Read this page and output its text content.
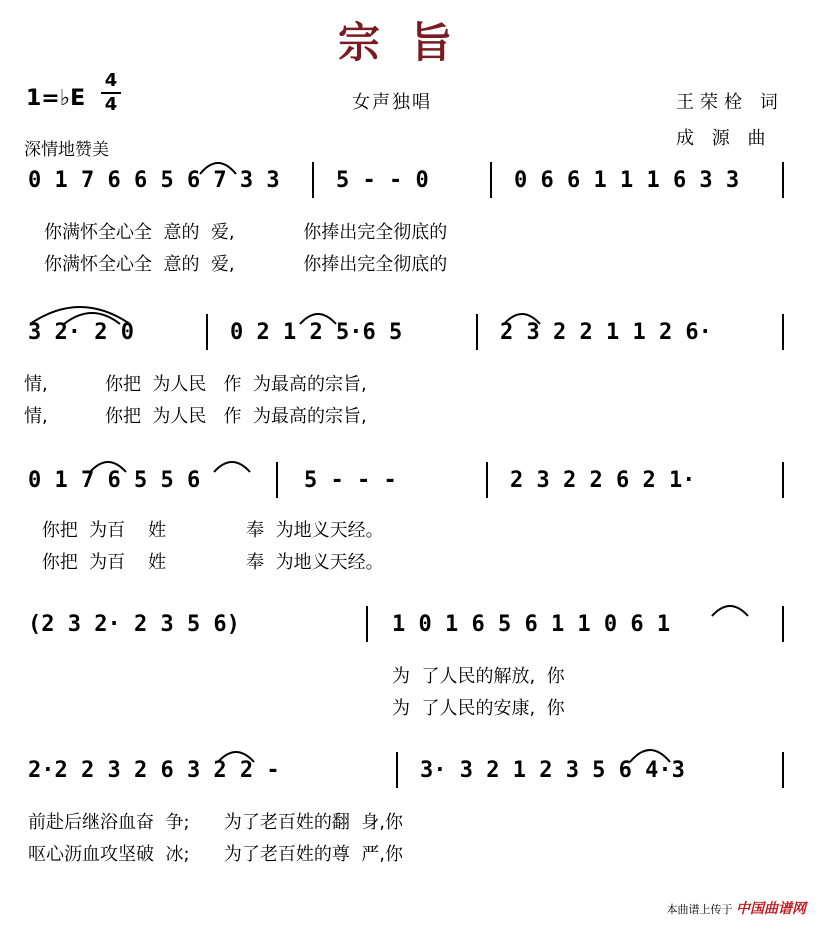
宗旨
女声独唱
1=♭E
4
4
深情地赞美
王荣栓 词
成 源 曲
0 1 7 6 6 5 6 7 3 3	5 - - 0	0 6 6 1 1 1 6 3 3
你满怀全心全  意的  爱,            你捧出完全彻底的
你满怀全心全  意的  爱,            你捧出完全彻底的
3 2· 2 0	0 2 1 2 5·6 5	2 3 2 2 1 1 2 6·
情,          你把  为人民   作  为最高的宗旨,
情,          你把  为人民   作  为最高的宗旨,
0 1 7 6 5 5 6	5 - - -	2 3 2 2 6 2 1·
你把  为百    姓              奉  为地义天经。
你把  为百    姓              奉  为地义天经。
(2 3 2· 2 3 5 6)	1 0 1 6 5 6 1 1 0 6 1
为  了人民的解放,  你
为  了人民的安康,  你
2·2 2 3 2 6 3 2 2 -	3· 3 2 1 2 3 5 6 4·3
前赴后继浴血奋  争;      为了老百姓的翻  身,你
呕心沥血攻坚破  冰;      为了老百姓的尊  严,你
本曲谱上传于 中国曲谱网
